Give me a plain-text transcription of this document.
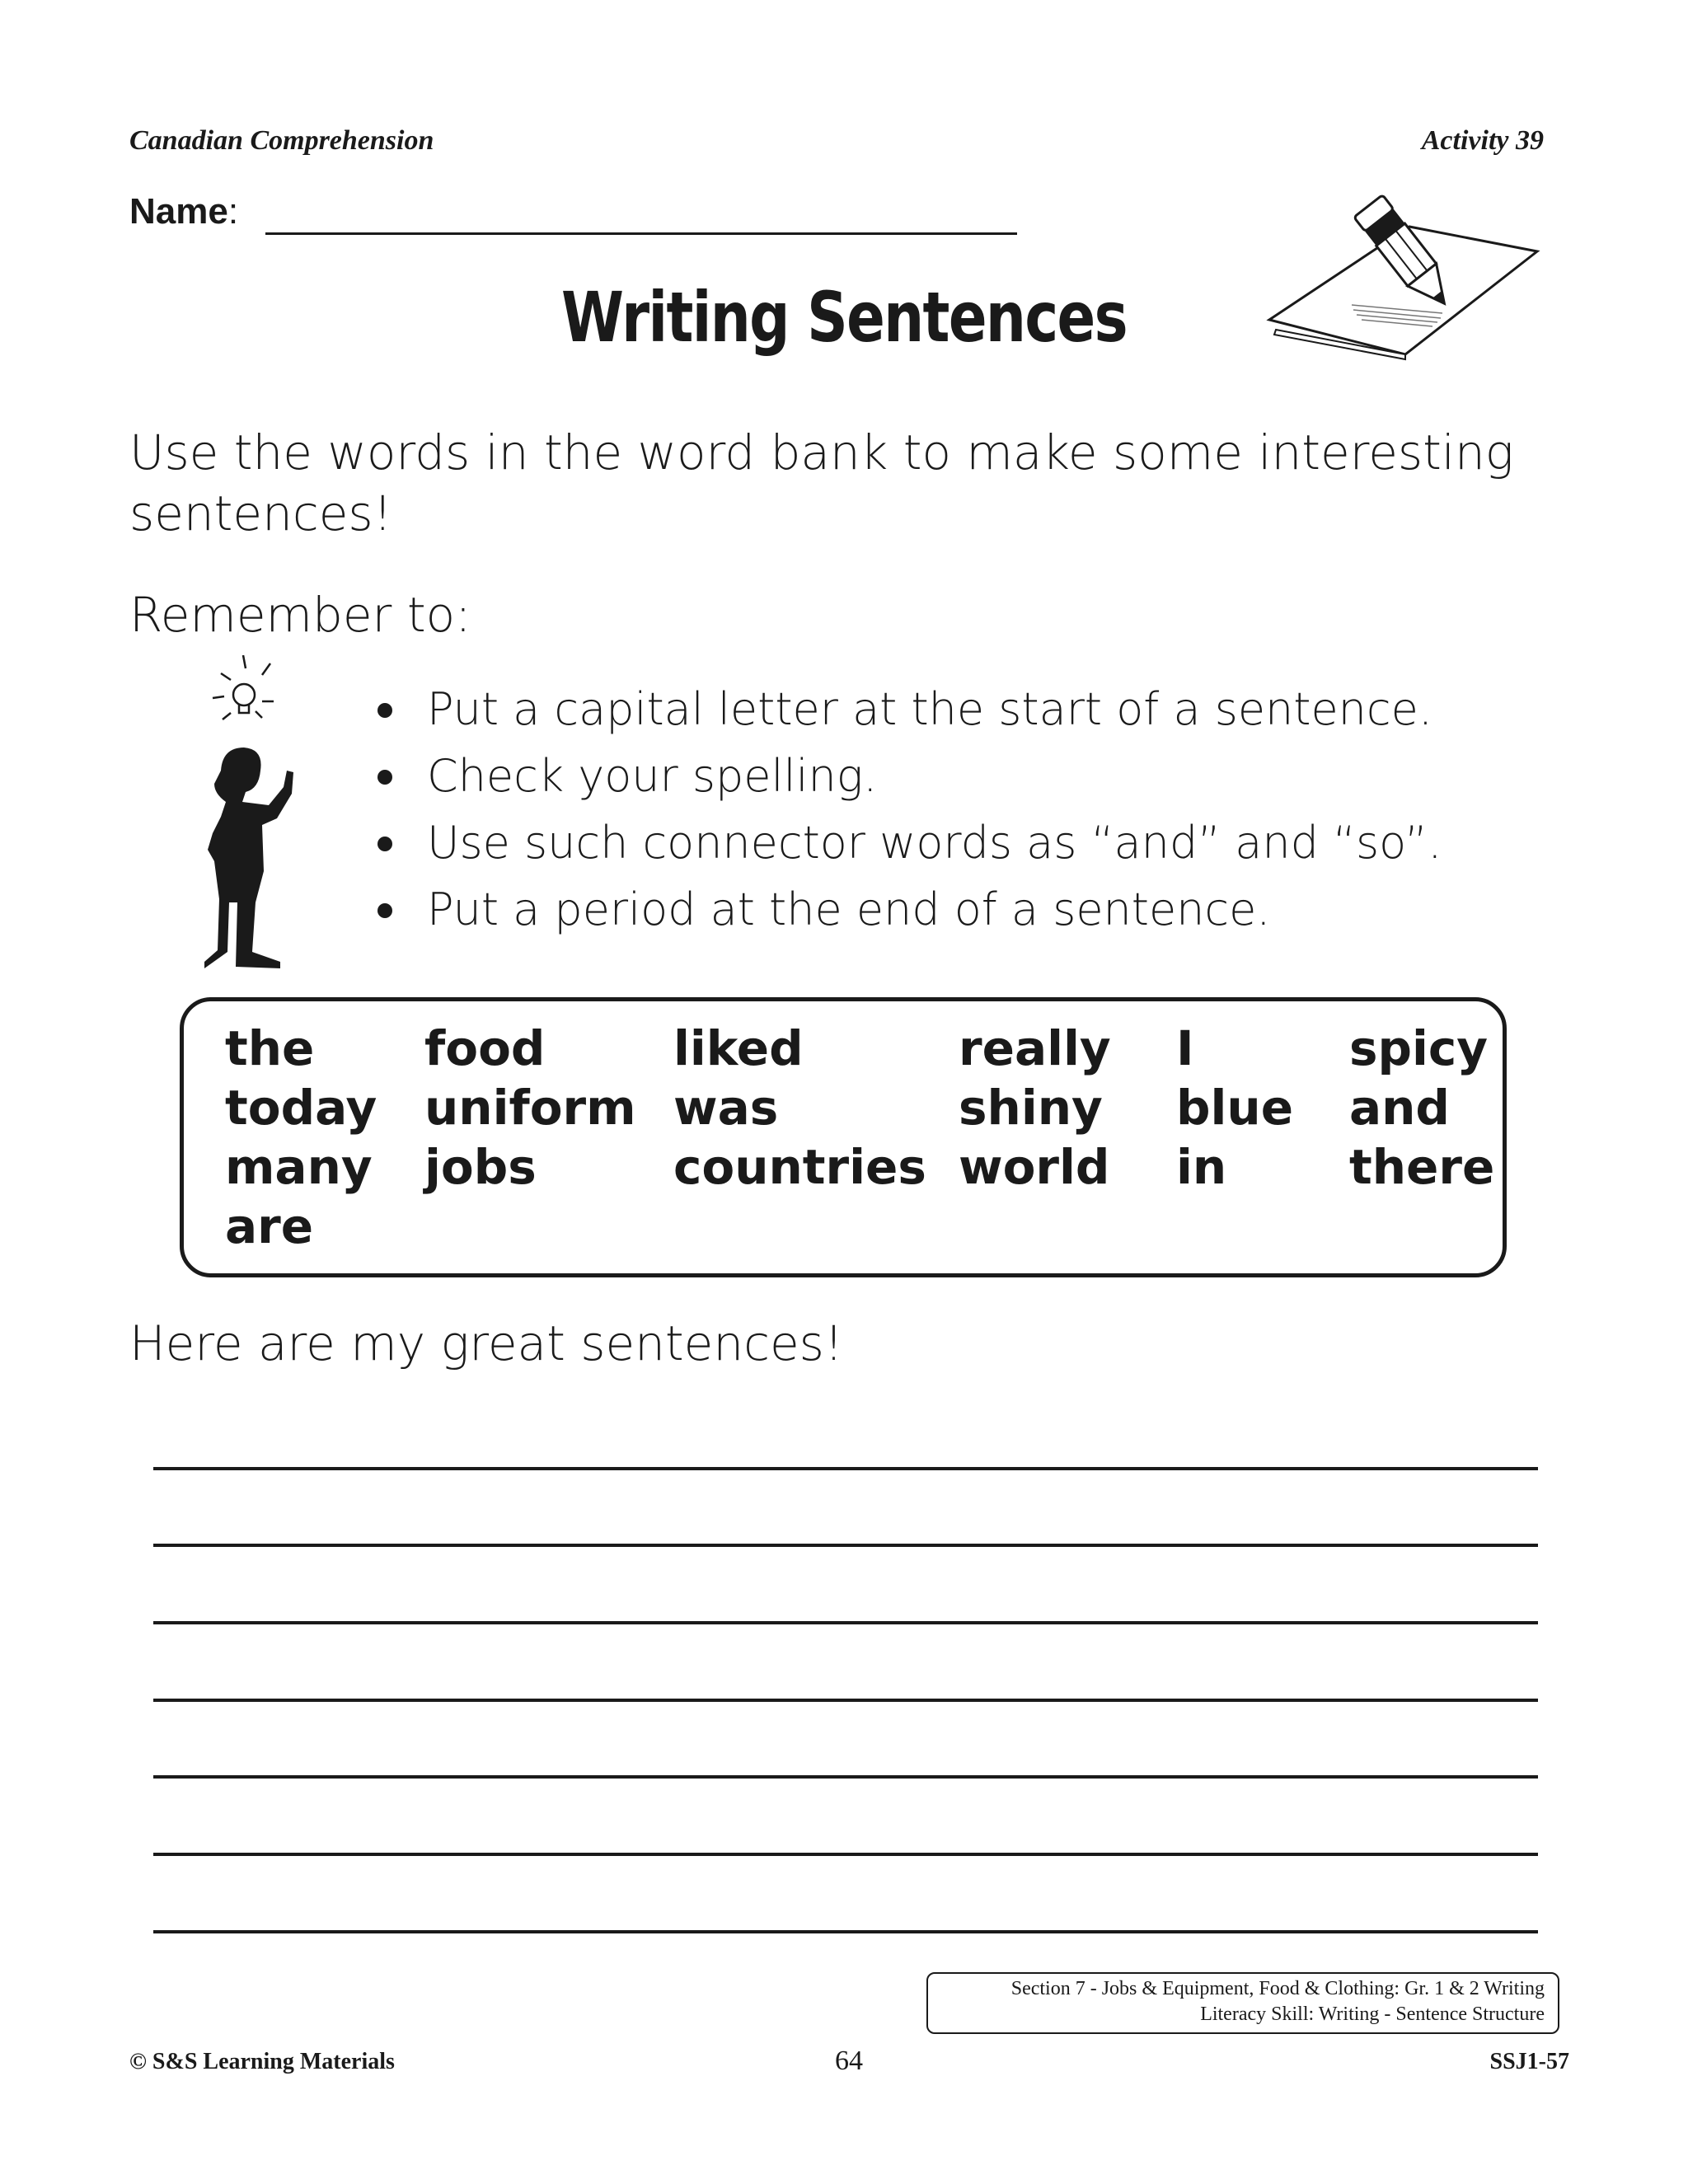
Canadian Comprehension	Activity 39
Name:
Writing Sentences
Use the words in the word bank to make some interesting sentences!
Remember to:
Put a capital letter at the start of a sentence.
Check your spelling.
Use such connector words as “and” and “so”.
Put a period at the end of a sentence.
the food	liked	really I	spicy
today uniform was	shiny blue and
many jobs	countries world in	there
are
Here are my great sentences!
Section 7 - Jobs & Equipment, Food & Clothing: Gr. 1 & 2 Writing
Literacy Skill: Writing - Sentence Structure
© S&S Learning Materials	64	SSJ1-57
